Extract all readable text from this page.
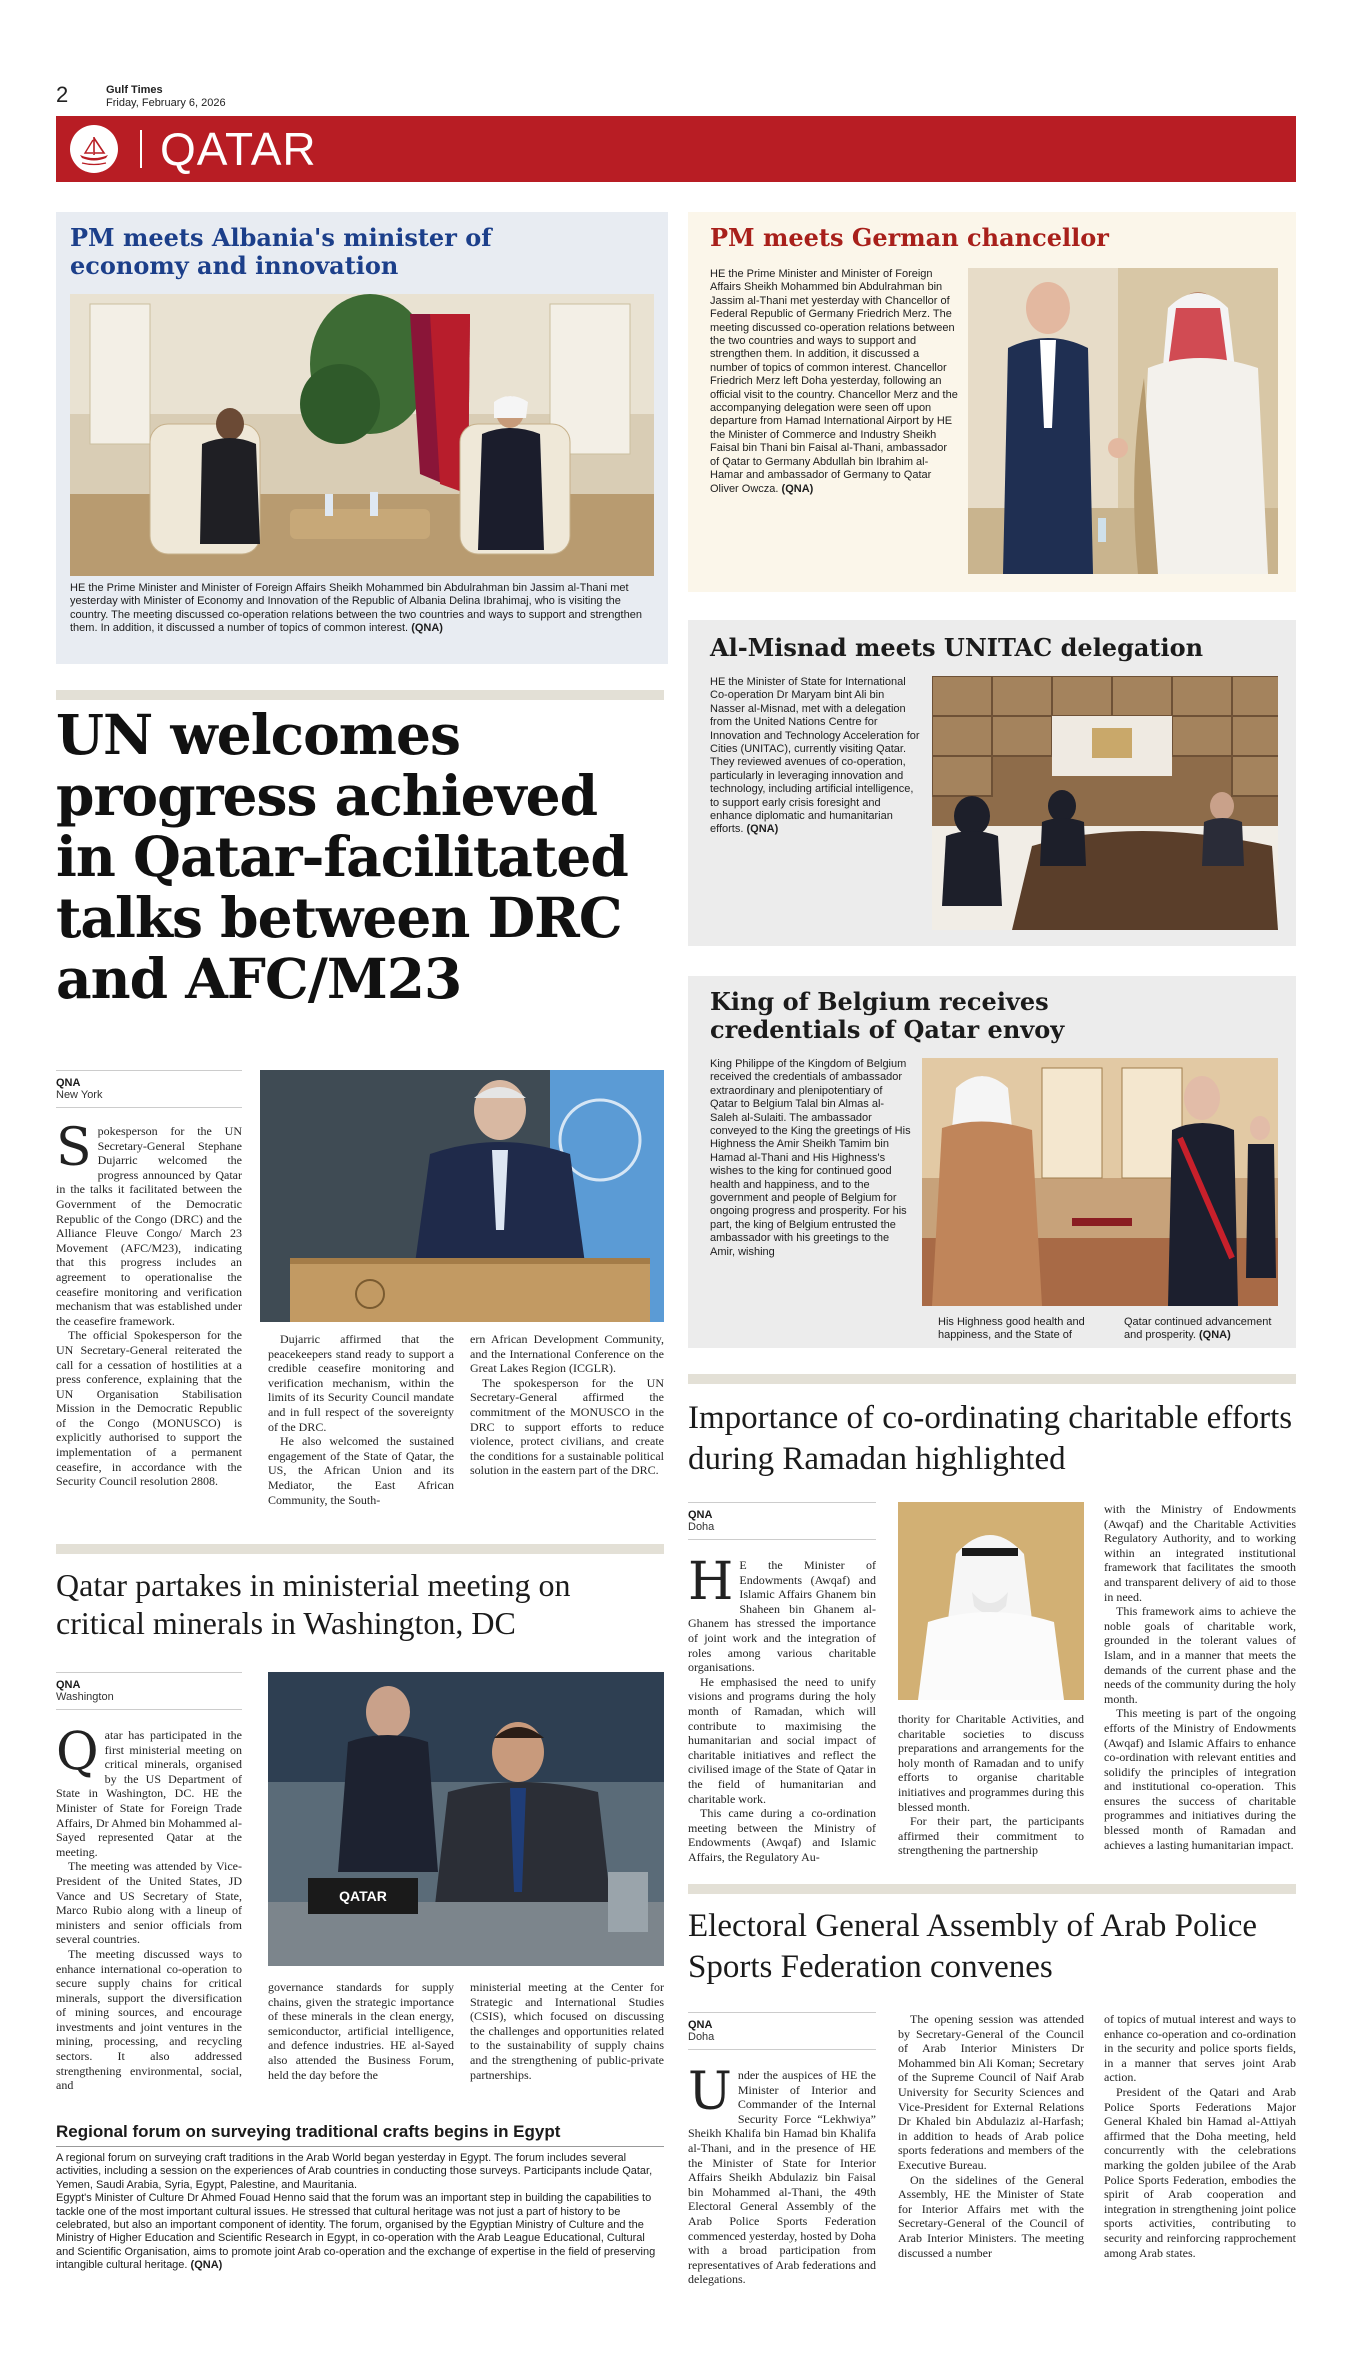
2	Gulf Times
Friday, February 6, 2026
QATAR
PM meets Albania's minister of economy and innovation
HE the Prime Minister and Minister of Foreign Affairs Sheikh Mohammed bin Abdulrahman bin Jassim al-Thani met yesterday with Minister of Economy and Innovation of the Republic of Albania Delina Ibrahimaj, who is visiting the country. The meeting discussed co-operation relations between the two countries and ways to support and strengthen them. In addition, it discussed a number of topics of common interest. (QNA)
PM meets German chancellor
HE the Prime Minister and Minister of Foreign Affairs Sheikh Mohammed bin Abdulrahman bin Jassim al-Thani met yesterday with Chancellor of Federal Republic of Germany Friedrich Merz. The meeting discussed co-operation relations between the two countries and ways to support and strengthen them. In addition, it discussed a number of topics of common interest. Chancellor Friedrich Merz left Doha yesterday, following an official visit to the country. Chancellor Merz and the accompanying delegation were seen off upon departure from Hamad International Airport by HE the Minister of Commerce and Industry Sheikh Faisal bin Thani bin Faisal al-Thani, ambassador of Qatar to Germany Abdullah bin Ibrahim al-Hamar and ambassador of Germany to Qatar Oliver Owcza. (QNA)
Al-Misnad meets UNITAC delegation
HE the Minister of State for International Co-operation Dr Maryam bint Ali bin Nasser al-Misnad, met with a delegation from the United Nations Centre for Innovation and Technology Acceleration for Cities (UNITAC), currently visiting Qatar. They reviewed avenues of co-operation, particularly in leveraging innovation and technology, including artificial intelligence, to support early crisis foresight and enhance diplomatic and humanitarian efforts. (QNA)
King of Belgium receives credentials of Qatar envoy
King Philippe of the Kingdom of Belgium received the credentials of ambassador extraordinary and plenipotentiary of Qatar to Belgium Talal bin Almas al-Saleh al-Sulaiti. The ambassador conveyed to the King the greetings of His Highness the Amir Sheikh Tamim bin Hamad al-Thani and His Highness's wishes to the king for continued good health and happiness, and to the government and people of Belgium for ongoing progress and prosperity. For his part, the king of Belgium entrusted the ambassador with his greetings to the Amir, wishing
His Highness good health and happiness, and the State of
Qatar continued advancement and prosperity. (QNA)
UN welcomes progress achieved in Qatar-facilitated talks between DRC and AFC/M23
QNA
New York
S pokesperson for the UN Secretary-General Stephane Dujarric welcomed the progress announced by Qatar in the talks it facilitated between the Government of the Democratic Republic of the Congo (DRC) and the Alliance Fleuve Congo/ March 23 Movement (AFC/M23), indicating that this progress includes an agreement to operationalise the ceasefire monitoring and verification mechanism that was established under the ceasefire framework.
The official Spokesperson for the UN Secretary-General reiterated the call for a cessation of hostilities at a press conference, explaining that the UN Organisation Stabilisation Mission in the Democratic Republic of the Congo (MONUSCO) is explicitly authorised to support the implementation of a permanent ceasefire, in accordance with the Security Council resolution 2808.
Dujarric affirmed that the peacekeepers stand ready to support a credible ceasefire monitoring and verification mechanism, within the limits of its Security Council mandate and in full respect of the sovereignty of the DRC.
He also welcomed the sustained engagement of the State of Qatar, the US, the African Union and its Mediator, the East African Community, the South-
ern African Development Community, and the International Conference on the Great Lakes Region (ICGLR).
The spokesperson for the UN Secretary-General affirmed the commitment of the MONUSCO in the DRC to support efforts to reduce violence, protect civilians, and create the conditions for a sustainable political solution in the eastern part of the DRC.
Qatar partakes in ministerial meeting on critical minerals in Washington, DC
QNA
Washington
Q atar has participated in the first ministerial meeting on critical minerals, organised by the US Department of State in Washington, DC. HE the Minister of State for Foreign Trade Affairs, Dr Ahmed bin Mohammed al-Sayed represented Qatar at the meeting.
The meeting was attended by Vice-President of the United States, JD Vance and US Secretary of State, Marco Rubio along with a lineup of ministers and senior officials from several countries.
The meeting discussed ways to enhance international co-operation to secure supply chains for critical minerals, support the diversification of mining sources, and encourage investments and joint ventures in the mining, processing, and recycling sectors. It also addressed strengthening environmental, social, and
QATAR
governance standards for supply chains, given the strategic importance of these minerals in the clean energy, semiconductor, artificial intelligence, and defence industries. HE al-Sayed also attended the Business Forum, held the day before the
ministerial meeting at the Center for Strategic and International Studies (CSIS), which focused on discussing the challenges and opportunities related to the sustainability of supply chains and the strengthening of public-private partnerships.
Regional forum on surveying traditional crafts begins in Egypt
A regional forum on surveying craft traditions in the Arab World began yesterday in Egypt. The forum includes several activities, including a session on the experiences of Arab countries in conducting those surveys. Participants include Qatar, Yemen, Saudi Arabia, Syria, Egypt, Palestine, and Mauritania.
Egypt's Minister of Culture Dr Ahmed Fouad Henno said that the forum was an important step in building the capabilities to tackle one of the most important cultural issues. He stressed that cultural heritage was not just a part of history to be celebrated, but also an important component of identity. The forum, organised by the Egyptian Ministry of Culture and the Ministry of Higher Education and Scientific Research in Egypt, in co-operation with the Arab League Educational, Cultural and Scientific Organisation, aims to promote joint Arab co-operation and the exchange of expertise in the field of preserving intangible cultural heritage. (QNA)
Importance of co-ordinating charitable efforts during Ramadan highlighted
QNA
Doha
H E the Minister of Endowments (Awqaf) and Islamic Affairs Ghanem bin Shaheen bin Ghanem al-Ghanem has stressed the importance of joint work and the integration of roles among various charitable organisations.
He emphasised the need to unify visions and programs during the holy month of Ramadan, which will contribute to maximising the humanitarian and social impact of charitable initiatives and reflect the civilised image of the State of Qatar in the field of humanitarian and charitable work.
This came during a co-ordination meeting between the Ministry of Endowments (Awqaf) and Islamic Affairs, the Regulatory Au-
thority for Charitable Activities, and charitable societies to discuss preparations and arrangements for the holy month of Ramadan and to unify efforts to organise charitable initiatives and programmes during this blessed month.
For their part, the participants affirmed their commitment to strengthening the partnership
with the Ministry of Endowments (Awqaf) and the Charitable Activities Regulatory Authority, and to working within an integrated institutional framework that facilitates the smooth and transparent delivery of aid to those in need.
This framework aims to achieve the noble goals of charitable work, grounded in the tolerant values of Islam, and in a manner that meets the demands of the current phase and the needs of the community during the holy month.
This meeting is part of the ongoing efforts of the Ministry of Endowments (Awqaf) and Islamic Affairs to enhance co-ordination with relevant entities and solidify the principles of integration and institutional co-operation. This ensures the success of charitable programmes and initiatives during the blessed month of Ramadan and achieves a lasting humanitarian impact.
Electoral General Assembly of Arab Police Sports Federation convenes
QNA
Doha
U nder the auspices of HE the Minister of Interior and Commander of the Internal Security Force “Lekhwiya” Sheikh Khalifa bin Hamad bin Khalifa al-Thani, and in the presence of HE the Minister of State for Interior Affairs Sheikh Abdulaziz bin Faisal bin Mohammed al-Thani, the 49th Electoral General Assembly of the Arab Police Sports Federation commenced yesterday, hosted by Doha with a broad participation from representatives of Arab federations and delegations.
The opening session was attended by Secretary-General of the Council of Arab Interior Ministers Dr Mohammed bin Ali Koman; Secretary of the Supreme Council of Naif Arab University for Security Sciences and Vice-President for External Relations Dr Khaled bin Abdulaziz al-Harfash; in addition to heads of Arab police sports federations and members of the Executive Bureau.
On the sidelines of the General Assembly, HE the Minister of State for Interior Affairs met with the Secretary-General of the Council of Arab Interior Ministers. The meeting discussed a number
of topics of mutual interest and ways to enhance co-operation and co-ordination in the security and police sports fields, in a manner that serves joint Arab action.
President of the Qatari and Arab Police Sports Federations Major General Khaled bin Hamad al-Attiyah affirmed that the Doha meeting, held concurrently with the celebrations marking the golden jubilee of the Arab Police Sports Federation, embodies the spirit of Arab cooperation and integration in strengthening joint police sports activities, contributing to security and reinforcing rapprochement among Arab states.
